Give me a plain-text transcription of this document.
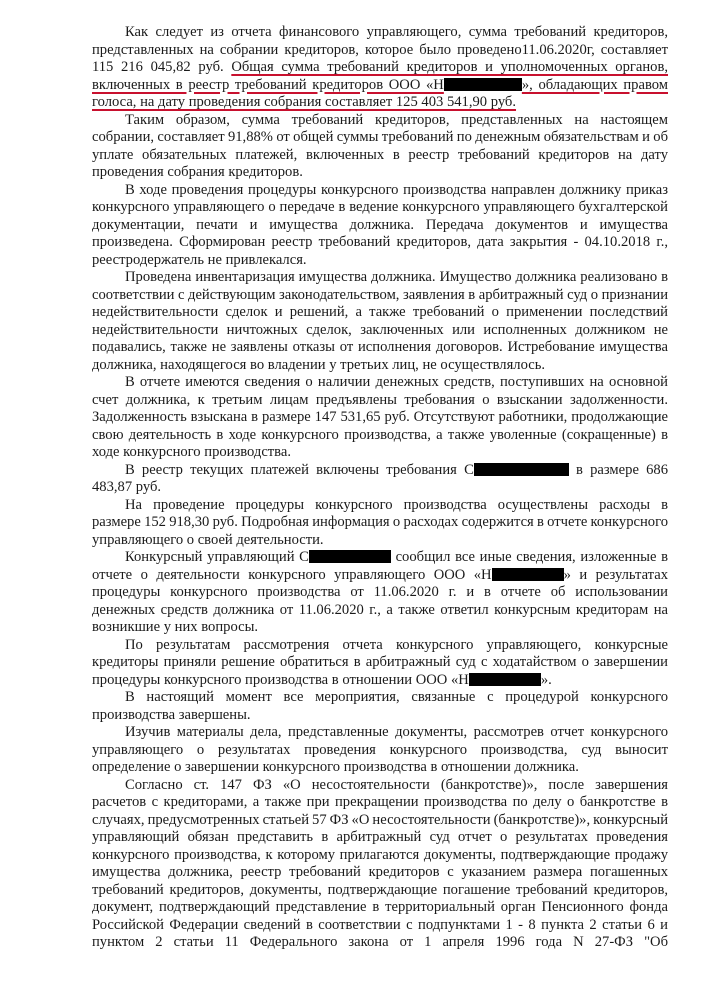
Как следует из отчета финансового управляющего, сумма требований кредиторов,
представленных на собрании кредиторов, которое было проведено11.06.2020г, составляет
115 216 045,82 руб. Общая сумма требований кредиторов и уполномоченных органов,
включенных в реестр требований кредиторов ООО «Н	», обладающих правом
голоса, на дату проведения собрания составляет 125 403 541,90 руб.
Таким образом, сумма требований кредиторов, представленных на настоящем
собрании, составляет 91,88% от общей суммы требований по денежным обязательствам и об
уплате обязательных платежей, включенных в реестр требований кредиторов на дату
проведения собрания кредиторов.
В ходе проведения процедуры конкурсного производства направлен должнику приказ
конкурсного управляющего о передаче в ведение конкурсного управляющего бухгалтерской
документации, печати и имущества должника. Передача документов и имущества
произведена. Сформирован реестр требований кредиторов, дата закрытия - 04.10.2018 г.,
реестродержатель не привлекался.
Проведена инвентаризация имущества должника. Имущество должника реализовано в
соответствии с действующим законодательством, заявления в арбитражный суд о признании
недействительности сделок и решений, а также требований о применении последствий
недействительности ничтожных сделок, заключенных или исполненных должником не
подавались, также не заявлены отказы от исполнения договоров. Истребование имущества
должника, находящегося во владении у третьих лиц, не осуществлялось.
В отчете имеются сведения о наличии денежных средств, поступивших на основной
счет должника, к третьим лицам предъявлены требования о взыскании задолженности.
Задолженность взыскана в размере 147 531,65 руб. Отсутствуют работники, продолжающие
свою деятельность в ходе конкурсного производства, а также уволенные (сокращенные) в
ходе конкурсного производства.
В реестр текущих платежей включены требования С	в размере 686
483,87 руб.
На проведение процедуры конкурсного производства осуществлены расходы в
размере 152 918,30 руб. Подробная информация о расходах содержится в отчете конкурсного
управляющего о своей деятельности.
Конкурсный управляющий С	сообщил все иные сведения, изложенные в
отчете о деятельности конкурсного управляющего ООО «Н	» и результатах
процедуры конкурсного производства от 11.06.2020 г. и в отчете об использовании
денежных средств должника от 11.06.2020 г., а также ответил конкурсным кредиторам на
возникшие у них вопросы.
По результатам рассмотрения отчета конкурсного управляющего, конкурсные
кредиторы приняли решение обратиться в арбитражный суд с ходатайством о завершении
процедуры конкурсного производства в отношении ООО «Н	».
В настоящий момент все мероприятия, связанные с процедурой конкурсного
производства завершены.
Изучив материалы дела, представленные документы, рассмотрев отчет конкурсного
управляющего о результатах проведения конкурсного производства, суд выносит
определение о завершении конкурсного производства в отношении должника.
Согласно ст. 147 ФЗ «О несостоятельности (банкротстве)», после завершения
расчетов с кредиторами, а также при прекращении производства по делу о банкротстве в
случаях, предусмотренных статьей 57 ФЗ «О несостоятельности (банкротстве)», конкурсный
управляющий обязан представить в арбитражный суд отчет о результатах проведения
конкурсного производства, к которому прилагаются документы, подтверждающие продажу
имущества должника, реестр требований кредиторов с указанием размера погашенных
требований кредиторов, документы, подтверждающие погашение требований кредиторов,
документ, подтверждающий представление в территориальный орган Пенсионного фонда
Российской Федерации сведений в соответствии с подпунктами 1 - 8 пункта 2 статьи 6 и
пунктом 2 статьи 11 Федерального закона от 1 апреля 1996 года N 27-ФЗ "Об
